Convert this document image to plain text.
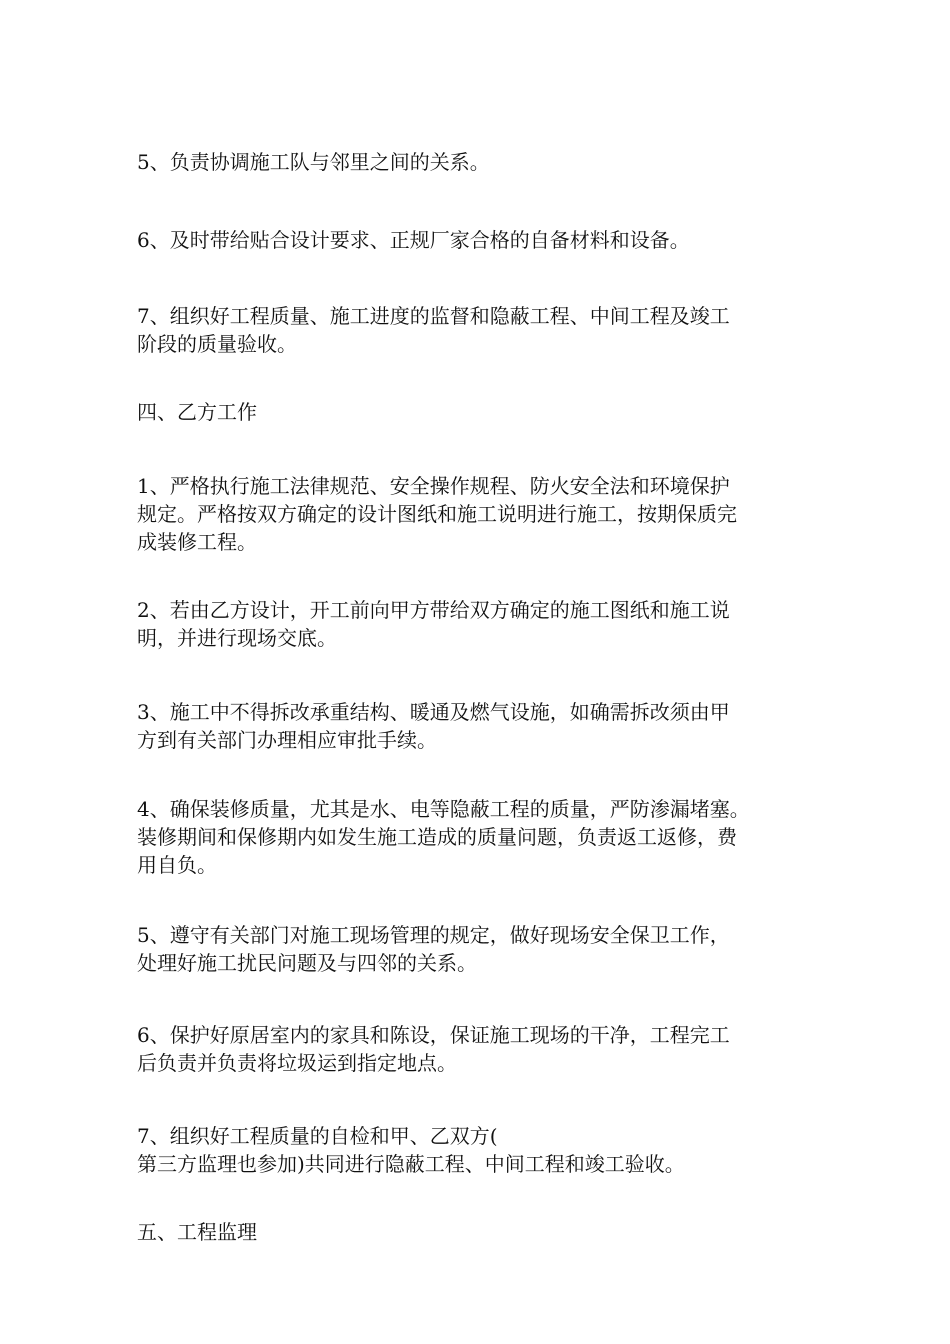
5、负责协调施工队与邻里之间的关系。

6、及时带给贴合设计要求、正规厂家合格的自备材料和设备。

7、组织好工程质量、施工进度的监督和隐蔽工程、中间工程及竣工
阶段的质量验收。

四、乙方工作

1、严格执行施工法律规范、安全操作规程、防火安全法和环境保护
规定。严格按双方确定的设计图纸和施工说明进行施工，按期保质完
成装修工程。

2、若由乙方设计，开工前向甲方带给双方确定的施工图纸和施工说
明，并进行现场交底。

3、施工中不得拆改承重结构、暖通及燃气设施，如确需拆改须由甲
方到有关部门办理相应审批手续。

4、确保装修质量，尤其是水、电等隐蔽工程的质量，严防渗漏堵塞。
装修期间和保修期内如发生施工造成的质量问题，负责返工返修，费
用自负。

5、遵守有关部门对施工现场管理的规定，做好现场安全保卫工作，
处理好施工扰民问题及与四邻的关系。

6、保护好原居室内的家具和陈设，保证施工现场的干净，工程完工
后负责并负责将垃圾运到指定地点。

7、组织好工程质量的自检和甲、乙双方(
第三方监理也参加)共同进行隐蔽工程、中间工程和竣工验收。

五、工程监理
